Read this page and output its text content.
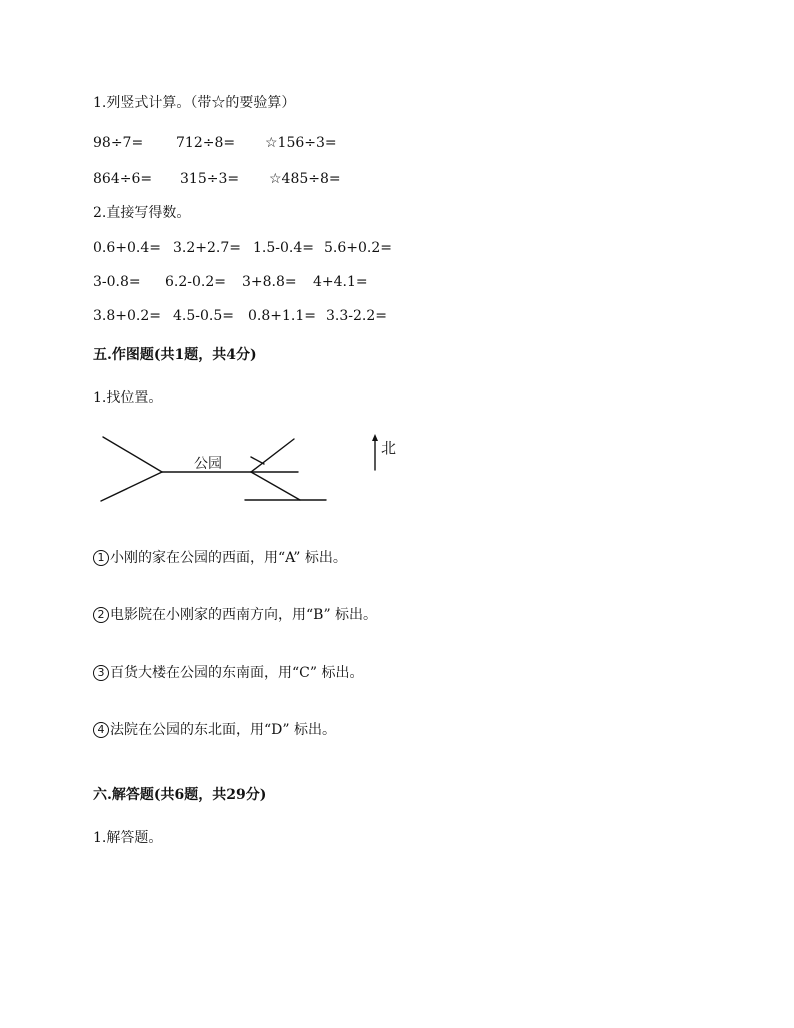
1.列竖式计算。（带☆的要验算）
98÷7= 712÷8= ☆156÷3=
864÷6= 315÷3= ☆485÷8=
2.直接写得数。
0.6+0.4= 3.2+2.7= 1.5-0.4= 5.6+0.2=
3-0.8= 6.2-0.2= 3+8.8= 4+4.1=
3.8+0.2= 4.5-0.5= 0.8+1.1= 3.3-2.2=
五.作图题(共1题，共4分)
1.找位置。
公园
北
1 小刚的家在公园的西面，用“A” 标出。
2 电影院在小刚家的西南方向，用“B” 标出。
3 百货大楼在公园的东南面，用“C” 标出。
4 法院在公园的东北面，用“D” 标出。
六.解答题(共6题，共29分)
1.解答题。
